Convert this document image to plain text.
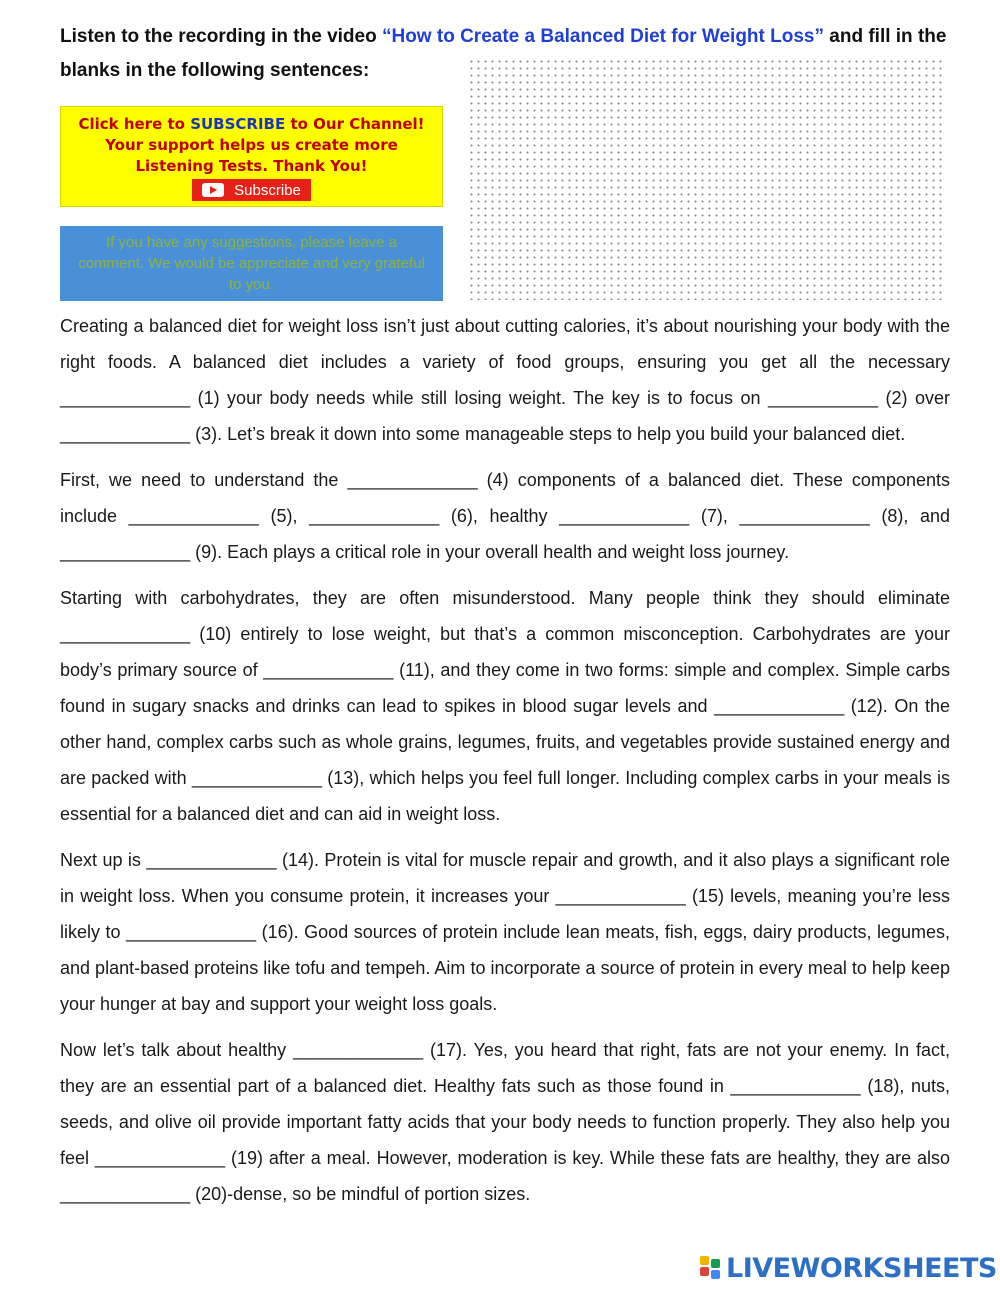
Listen to the recording in the video “How to Create a Balanced Diet for Weight Loss” and fill in the blanks in the following sentences:

Click here to SUBSCRIBE to Our Channel!
Your support helps us create more
Listening Tests. Thank You!
Subscribe
If you have any suggestions, please leave a comment. We would be appreciate and very grateful to you.

Creating a balanced diet for weight loss isn’t just about cutting calories, it’s about nourishing your body with the right foods. A balanced diet includes a variety of food groups, ensuring you get all the necessary _____________ (1) your body needs while still losing weight. The key is to focus on ___________ (2) over _____________ (3). Let’s break it down into some manageable steps to help you build your balanced diet.

First, we need to understand the _____________ (4) components of a balanced diet. These components include _____________ (5), _____________ (6), healthy _____________ (7), _____________ (8), and _____________ (9). Each plays a critical role in your overall health and weight loss journey.

Starting with carbohydrates, they are often misunderstood. Many people think they should eliminate _____________ (10) entirely to lose weight, but that’s a common misconception. Carbohydrates are your body’s primary source of _____________ (11), and they come in two forms: simple and complex. Simple carbs found in sugary snacks and drinks can lead to spikes in blood sugar levels and _____________ (12). On the other hand, complex carbs such as whole grains, legumes, fruits, and vegetables provide sustained energy and are packed with _____________ (13), which helps you feel full longer. Including complex carbs in your meals is essential for a balanced diet and can aid in weight loss.

Next up is _____________ (14). Protein is vital for muscle repair and growth, and it also plays a significant role in weight loss. When you consume protein, it increases your _____________ (15) levels, meaning you’re less likely to _____________ (16). Good sources of protein include lean meats, fish, eggs, dairy products, legumes, and plant-based proteins like tofu and tempeh. Aim to incorporate a source of protein in every meal to help keep your hunger at bay and support your weight loss goals.

Now let’s talk about healthy _____________ (17). Yes, you heard that right, fats are not your enemy. In fact, they are an essential part of a balanced diet. Healthy fats such as those found in _____________ (18), nuts, seeds, and olive oil provide important fatty acids that your body needs to function properly. They also help you feel _____________ (19) after a meal. However, moderation is key. While these fats are healthy, they are also _____________ (20)-dense, so be mindful of portion sizes.

LIVEWORKSHEETS
